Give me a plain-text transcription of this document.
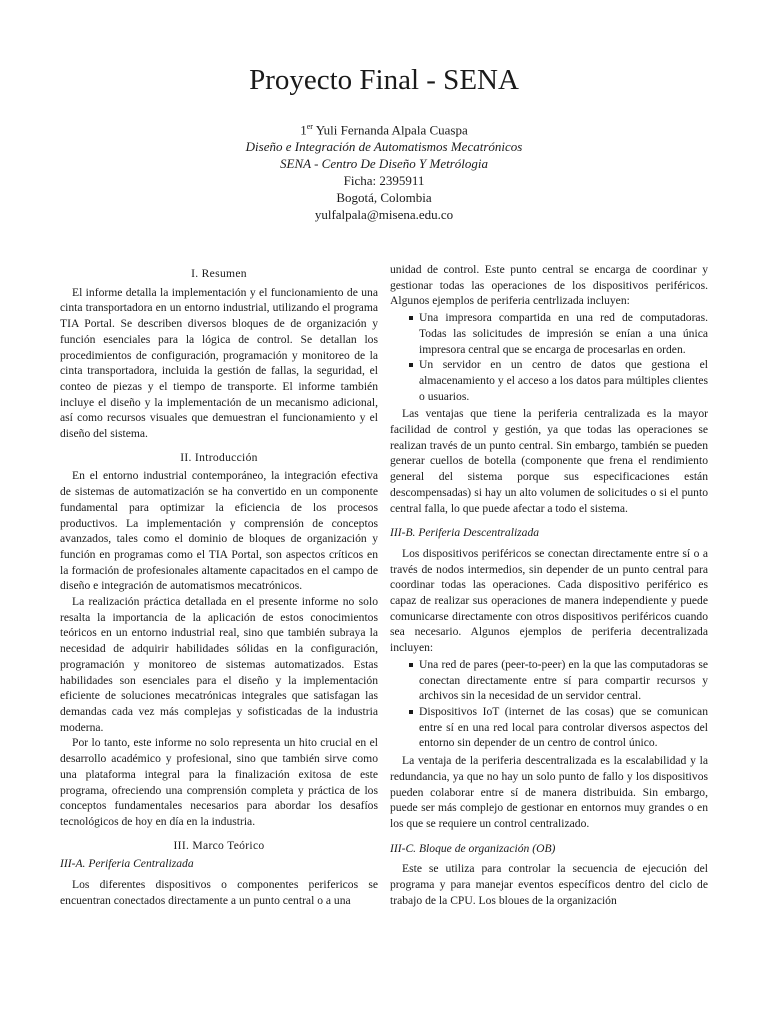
Proyecto Final - SENA
1er Yuli Fernanda Alpala Cuaspa
Diseño e Integración de Automatismos Mecatrónicos
SENA - Centro De Diseño Y Metrólogia
Ficha: 2395911
Bogotá, Colombia
yulfalpala@misena.edu.co
I. Resumen

El informe detalla la implementación y el funcionamiento de una cinta transportadora en un entorno industrial, utilizando el programa TIA Portal. Se describen diversos bloques de de organización y función esenciales para la lógica de control. Se detallan los procedimientos de configuración, programación y monitoreo de la cinta transportadora, incluida la gestión de fallas, la seguridad, el conteo de piezas y el tiempo de transporte. El informe también incluye el diseño y la implementación de un mecanismo adicional, así como recursos visuales que demuestran el funcionamiento y el diseño del sistema.

II. Introducción

En el entorno industrial contemporáneo, la integración efectiva de sistemas de automatización se ha convertido en un componente fundamental para optimizar la eficiencia de los procesos productivos. La implementación y comprensión de conceptos avanzados, tales como el dominio de bloques de organización y función en programas como el TIA Portal, son aspectos críticos en la formación de profesionales altamente capacitados en el campo de diseño e integración de automatismos mecatrónicos.

La realización práctica detallada en el presente informe no solo resalta la importancia de la aplicación de estos conocimientos teóricos en un entorno industrial real, sino que también subraya la necesidad de adquirir habilidades sólidas en la configuración, programación y monitoreo de sistemas automatizados. Estas habilidades son esenciales para el diseño y la implementación eficiente de soluciones mecatrónicas integrales que satisfagan las demandas cada vez más complejas y sofisticadas de la industria moderna.

Por lo tanto, este informe no solo representa un hito crucial en el desarrollo académico y profesional, sino que también sirve como una plataforma integral para la finalización exitosa de este programa, ofreciendo una comprensión completa y práctica de los conceptos fundamentales necesarios para abordar los desafíos tecnológicos de hoy en día en la industria.

III. Marco Teórico
III-A. Periferia Centralizada

Los diferentes dispositivos o componentes perifericos se encuentran conectados directamente a un punto central o a una

unidad de control. Este punto central se encarga de coordinar y gestionar todas las operaciones de los dispositivos periféricos. Algunos ejemplos de periferia centrlizada incluyen:

Una impresora compartida en una red de computadoras. Todas las solicitudes de impresión se enían a una única impresora central que se encarga de procesarlas en orden.
Un servidor en un centro de datos que gestiona el almacenamiento y el acceso a los datos para múltiples clientes o usuarios.

Las ventajas que tiene la periferia centralizada es la mayor facilidad de control y gestión, ya que todas las operaciones se realizan través de un punto central. Sin embargo, también se pueden generar cuellos de botella (componente que frena el rendimiento general del sistema porque sus especificaciones están descompensadas) si hay un alto volumen de solicitudes o si el punto central falla, lo que puede afectar a todo el sistema.

III-B. Periferia Descentralizada

Los dispositivos periféricos se conectan directamente entre sí o a través de nodos intermedios, sin depender de un punto central para coordinar todas las operaciones. Cada dispositivo periférico es capaz de realizar sus operaciones de manera independiente y puede comunicarse directamente con otros dispositivos periféricos cuando sea necesario. Algunos ejemplos de periferia decentralizada incluyen:

Una red de pares (peer-to-peer) en la que las computadoras se conectan directamente entre sí para compartir recursos y archivos sin la necesidad de un servidor central.
Dispositivos IoT (internet de las cosas) que se comunican entre sí en una red local para controlar diversos aspectos del entorno sin depender de un centro de control único.

La ventaja de la periferia descentralizada es la escalabilidad y la redundancia, ya que no hay un solo punto de fallo y los dispositivos pueden colaborar entre sí de manera distribuida. Sin embargo, puede ser más complejo de gestionar en entornos muy grandes o en los que se requiere un control centralizado.

III-C. Bloque de organización (OB)

Este se utiliza para controlar la secuencia de ejecución del programa y para manejar eventos específicos dentro del ciclo de trabajo de la CPU. Los bloues de la organización
